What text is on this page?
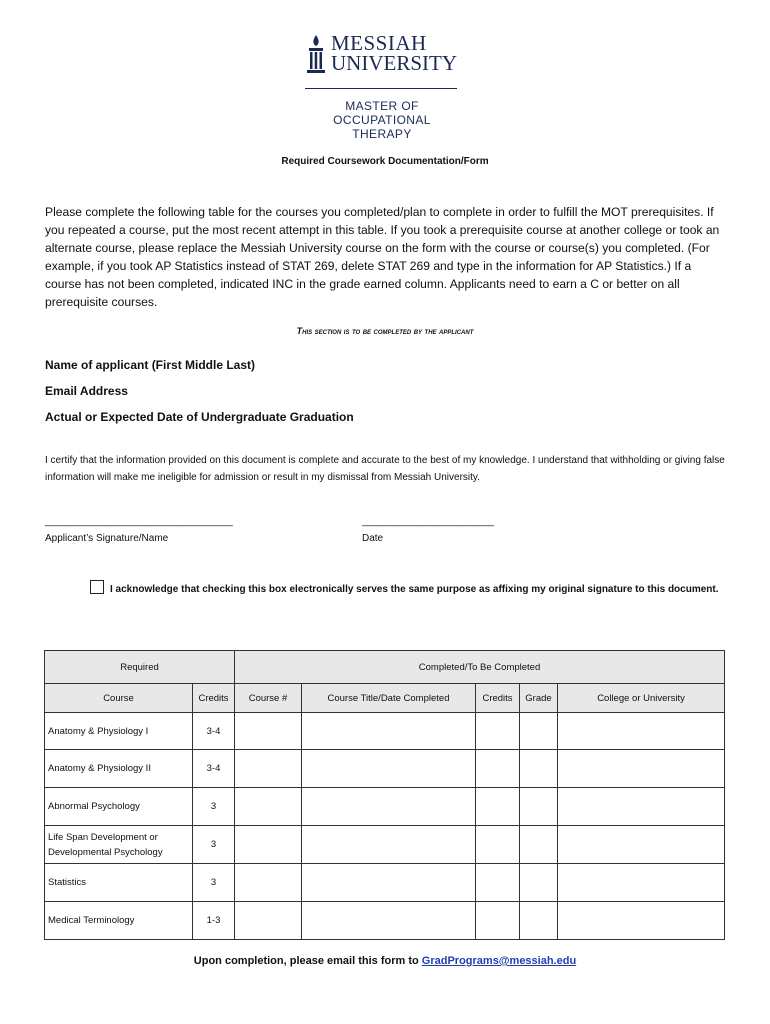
MESSIAH
UNIVERSITY
MASTER OF
OCCUPATIONAL
THERAPY
Required Coursework Documentation/Form

Please complete the following table for the courses you completed/plan to complete in order to fulfill the MOT prerequisites. If you repeated a course, put the most recent attempt in this table. If you took a prerequisite course at another college or took an alternate course, please replace the Messiah University course on the form with the course or course(s) you completed. (For example, if you took AP Statistics instead of STAT 269, delete STAT 269 and type in the information for AP Statistics.) If a course has not been completed, indicated INC in the grade earned column. Applicants need to earn a C or better on all prerequisite courses.

This section is to be completed by the applicant
Name of applicant (First Middle Last)
Email Address
Actual or Expected Date of Undergraduate Graduation

I certify that the information provided on this document is complete and accurate to the best of my knowledge. I understand that withholding or giving false information will make me ineligible for admission or result in my dismissal from Messiah University.

_____________________________________	__________________________
Applicant’s Signature/Name	Date
I acknowledge that checking this box electronically serves the same purpose as affixing my original signature to this document.
Required		Completed/To Be Completed				
Course	Credits	Course #	Course Title/Date Completed	Credits	Grade	College or University
Anatomy & Physiology I	3-4					
Anatomy & Physiology II	3-4					
Abnormal Psychology	3					
Life Span Development or Developmental Psychology	3					
Statistics	3					
Medical Terminology	1-3					
Upon completion, please email this form to GradPrograms@messiah.edu
